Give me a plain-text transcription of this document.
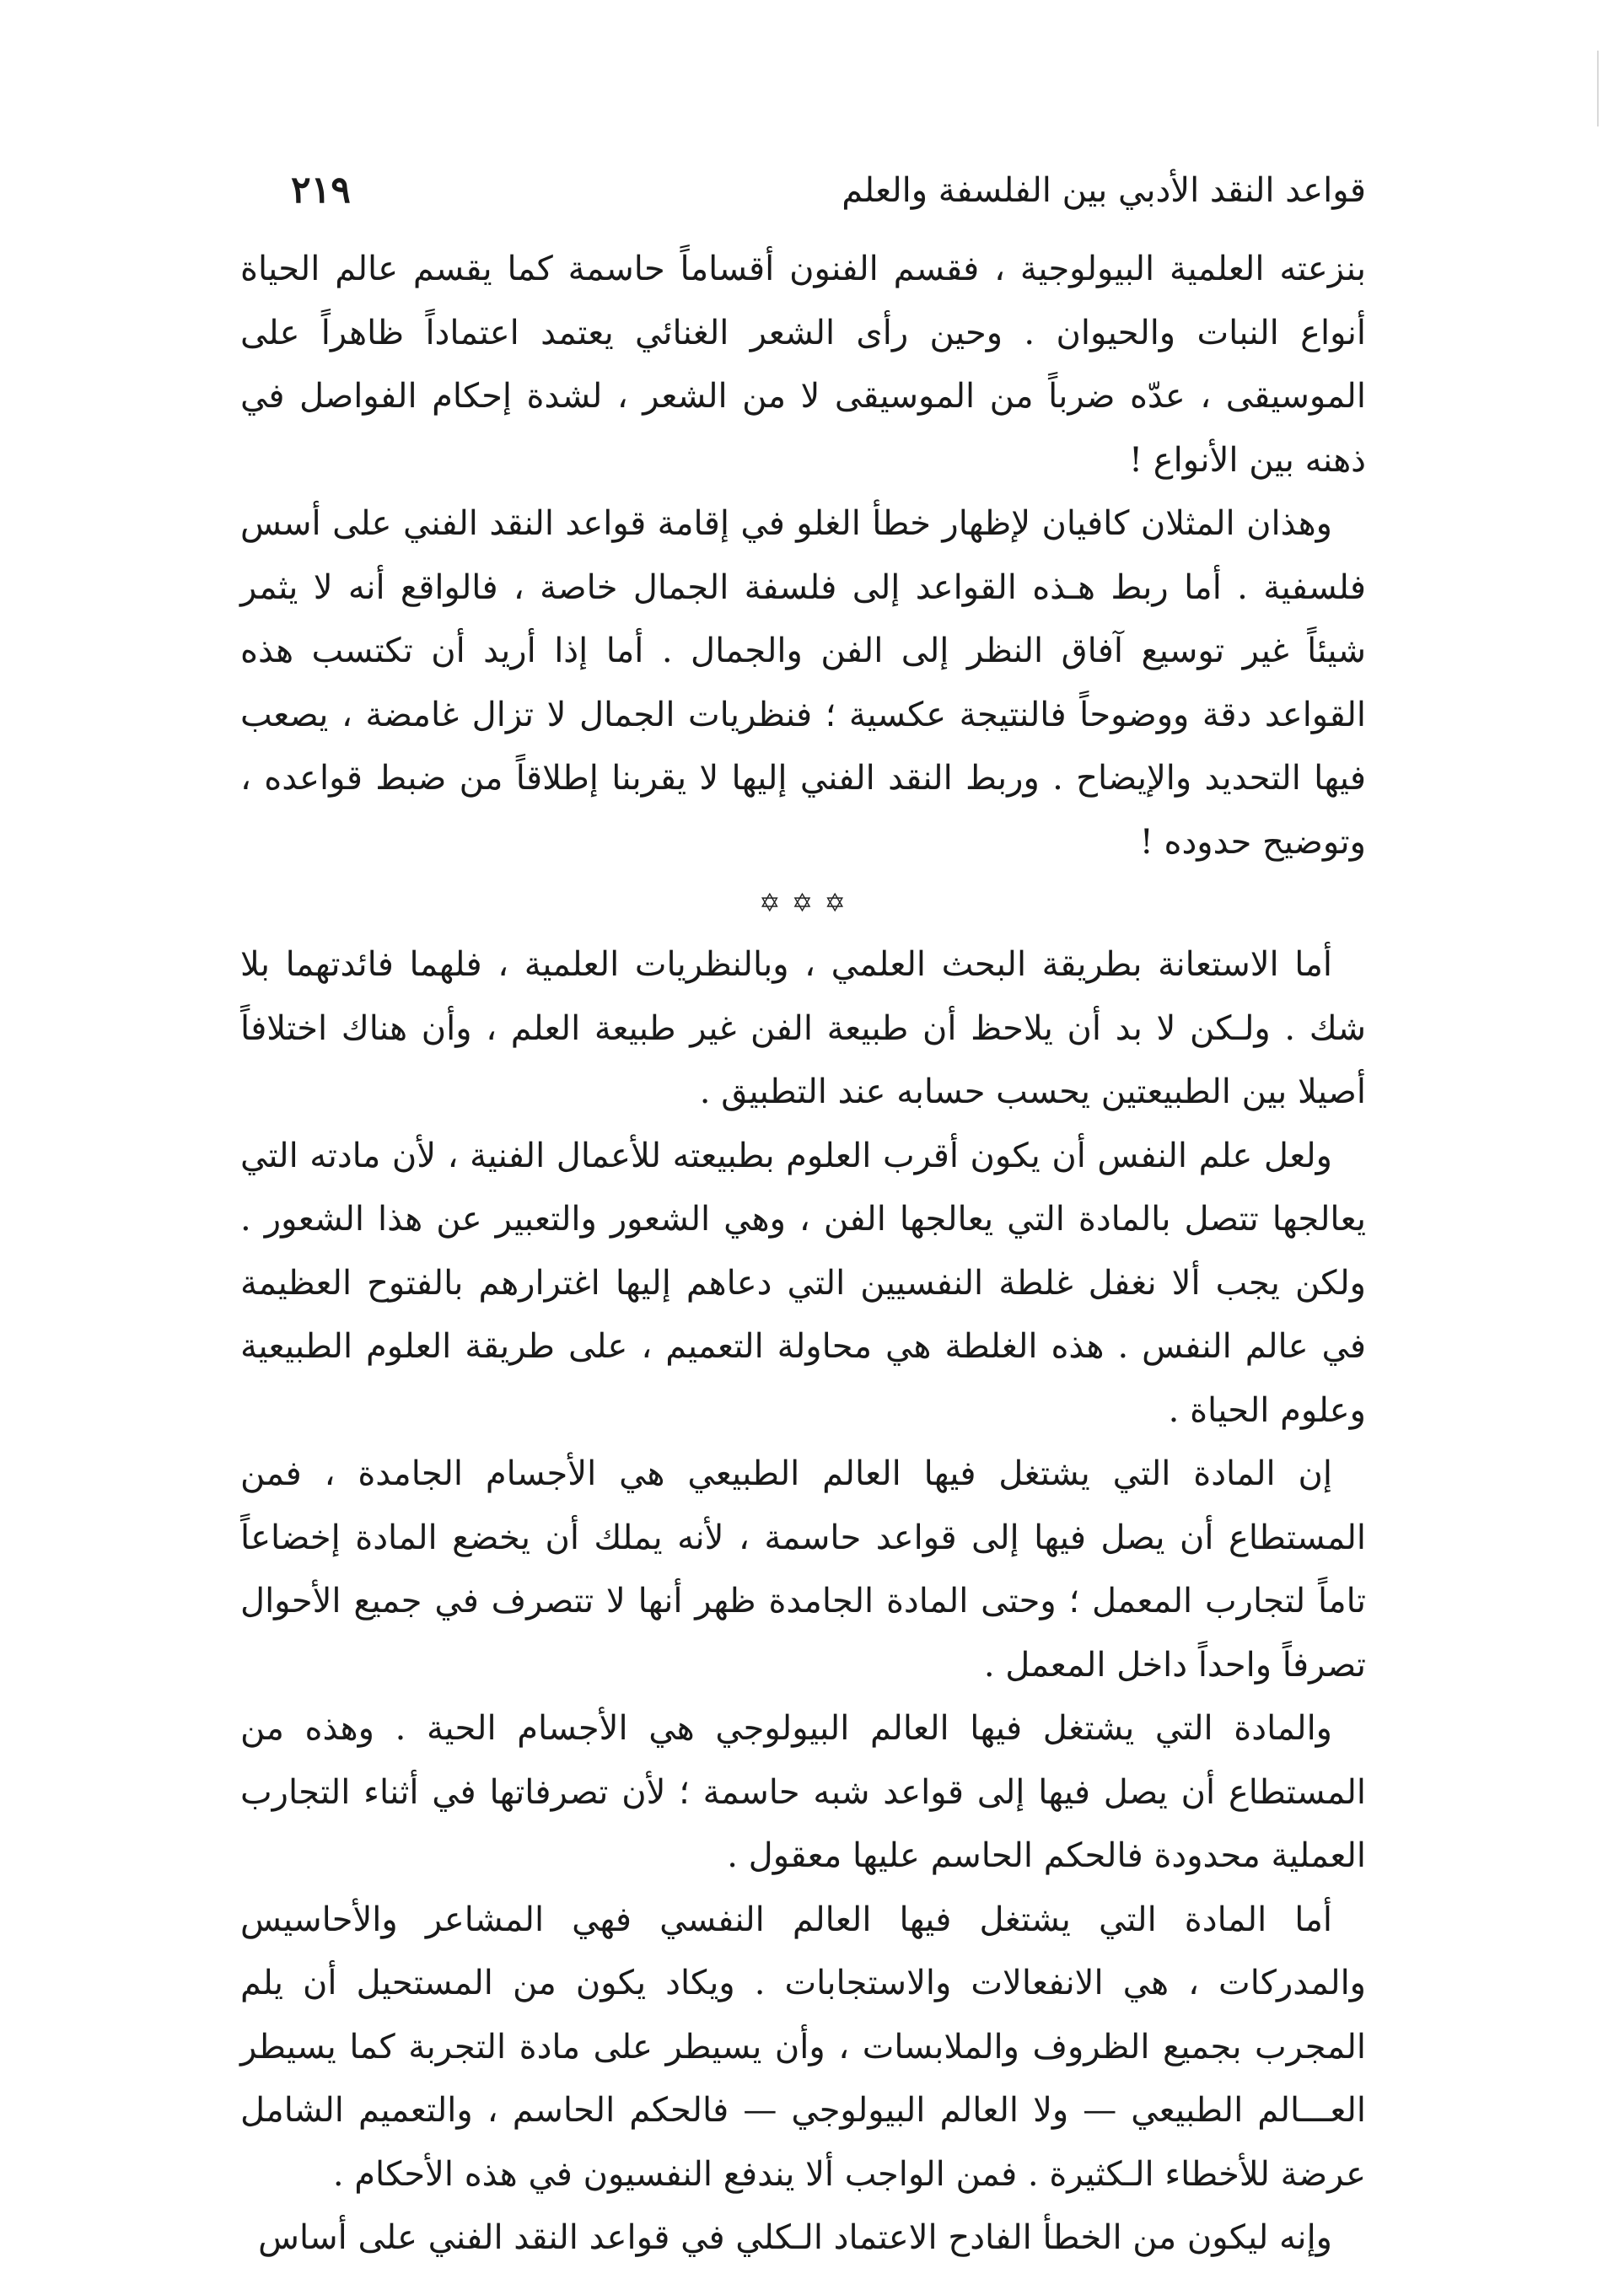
قواعد النقد الأدبي بين الفلسفة والعلم
٢١٩

بنزعته العلمية البيولوجية ، فقسم الفنون أقساماً حاسمة كما يقسم عالم الحياة أنواع النبات والحيوان . وحين رأى الشعر الغنائي يعتمد اعتماداً ظاهراً على الموسيقى ، عدّه ضرباً من الموسيقى لا من الشعر ، لشدة إحكام الفواصل في ذهنه بين الأنواع !

وهذان المثلان كافيان لإظهار خطأ الغلو في إقامة قواعد النقد الفني على أسس فلسفية . أما ربط هـذه القواعد إلى فلسفة الجمال خاصة ، فالواقع أنه لا يثمر شيئاً غير توسيع آفاق النظر إلى الفن والجمال . أما إذا أريد أن تكتسب هذه القواعد دقة ووضوحاً فالنتيجة عكسية ؛ فنظريات الجمال لا تزال غامضة ، يصعب فيها التحديد والإيضاح . وربط النقد الفني إليها لا يقربنا إطلاقاً من ضبط قواعده ، وتوضيح حدوده !

✡ ✡ ✡

أما الاستعانة بطريقة البحث العلمي ، وبالنظريات العلمية ، فلهما فائدتهما بلا شك . ولـكن لا بد أن يلاحظ أن طبيعة الفن غير طبيعة العلم ، وأن هناك اختلافاً أصيلا بين الطبيعتين يحسب حسابه عند التطبيق .

ولعل علم النفس أن يكون أقرب العلوم بطبيعته للأعمال الفنية ، لأن مادته التي يعالجها تتصل بالمادة التي يعالجها الفن ، وهي الشعور والتعبير عن هذا الشعور . ولكن يجب ألا نغفل غلطة النفسيين التي دعاهم إليها اغترارهم بالفتوح العظيمة في عالم النفس . هذه الغلطة هي محاولة التعميم ، على طريقة العلوم الطبيعية وعلوم الحياة .

إن المادة التي يشتغل فيها العالم الطبيعي هي الأجسام الجامدة ، فمن المستطاع أن يصل فيها إلى قواعد حاسمة ، لأنه يملك أن يخضع المادة إخضاعاً تاماً لتجارب المعمل ؛ وحتى المادة الجامدة ظهر أنها لا تتصرف في جميع الأحوال تصرفاً واحداً داخل المعمل .

والمادة التي يشتغل فيها العالم البيولوجي هي الأجسام الحية . وهذه من المستطاع أن يصل فيها إلى قواعد شبه حاسمة ؛ لأن تصرفاتها في أثناء التجارب العملية محدودة فالحكم الحاسم عليها معقول .

أما المادة التي يشتغل فيها العالم النفسي فهي المشاعر والأحاسيس والمدركات ، هي الانفعالات والاستجابات . ويكاد يكون من المستحيل أن يلم المجرب بجميع الظروف والملابسات ، وأن يسيطر على مادة التجربة كما يسيطر العـــالم الطبيعي — ولا العالم البيولوجي — فالحكم الحاسم ، والتعميم الشامل عرضة للأخطاء الـكثيرة . فمن الواجب ألا يندفع النفسيون في هذه الأحكام .

وإنه ليكون من الخطأ الفادح الاعتماد الـكلي في قواعد النقد الفني على أساس
